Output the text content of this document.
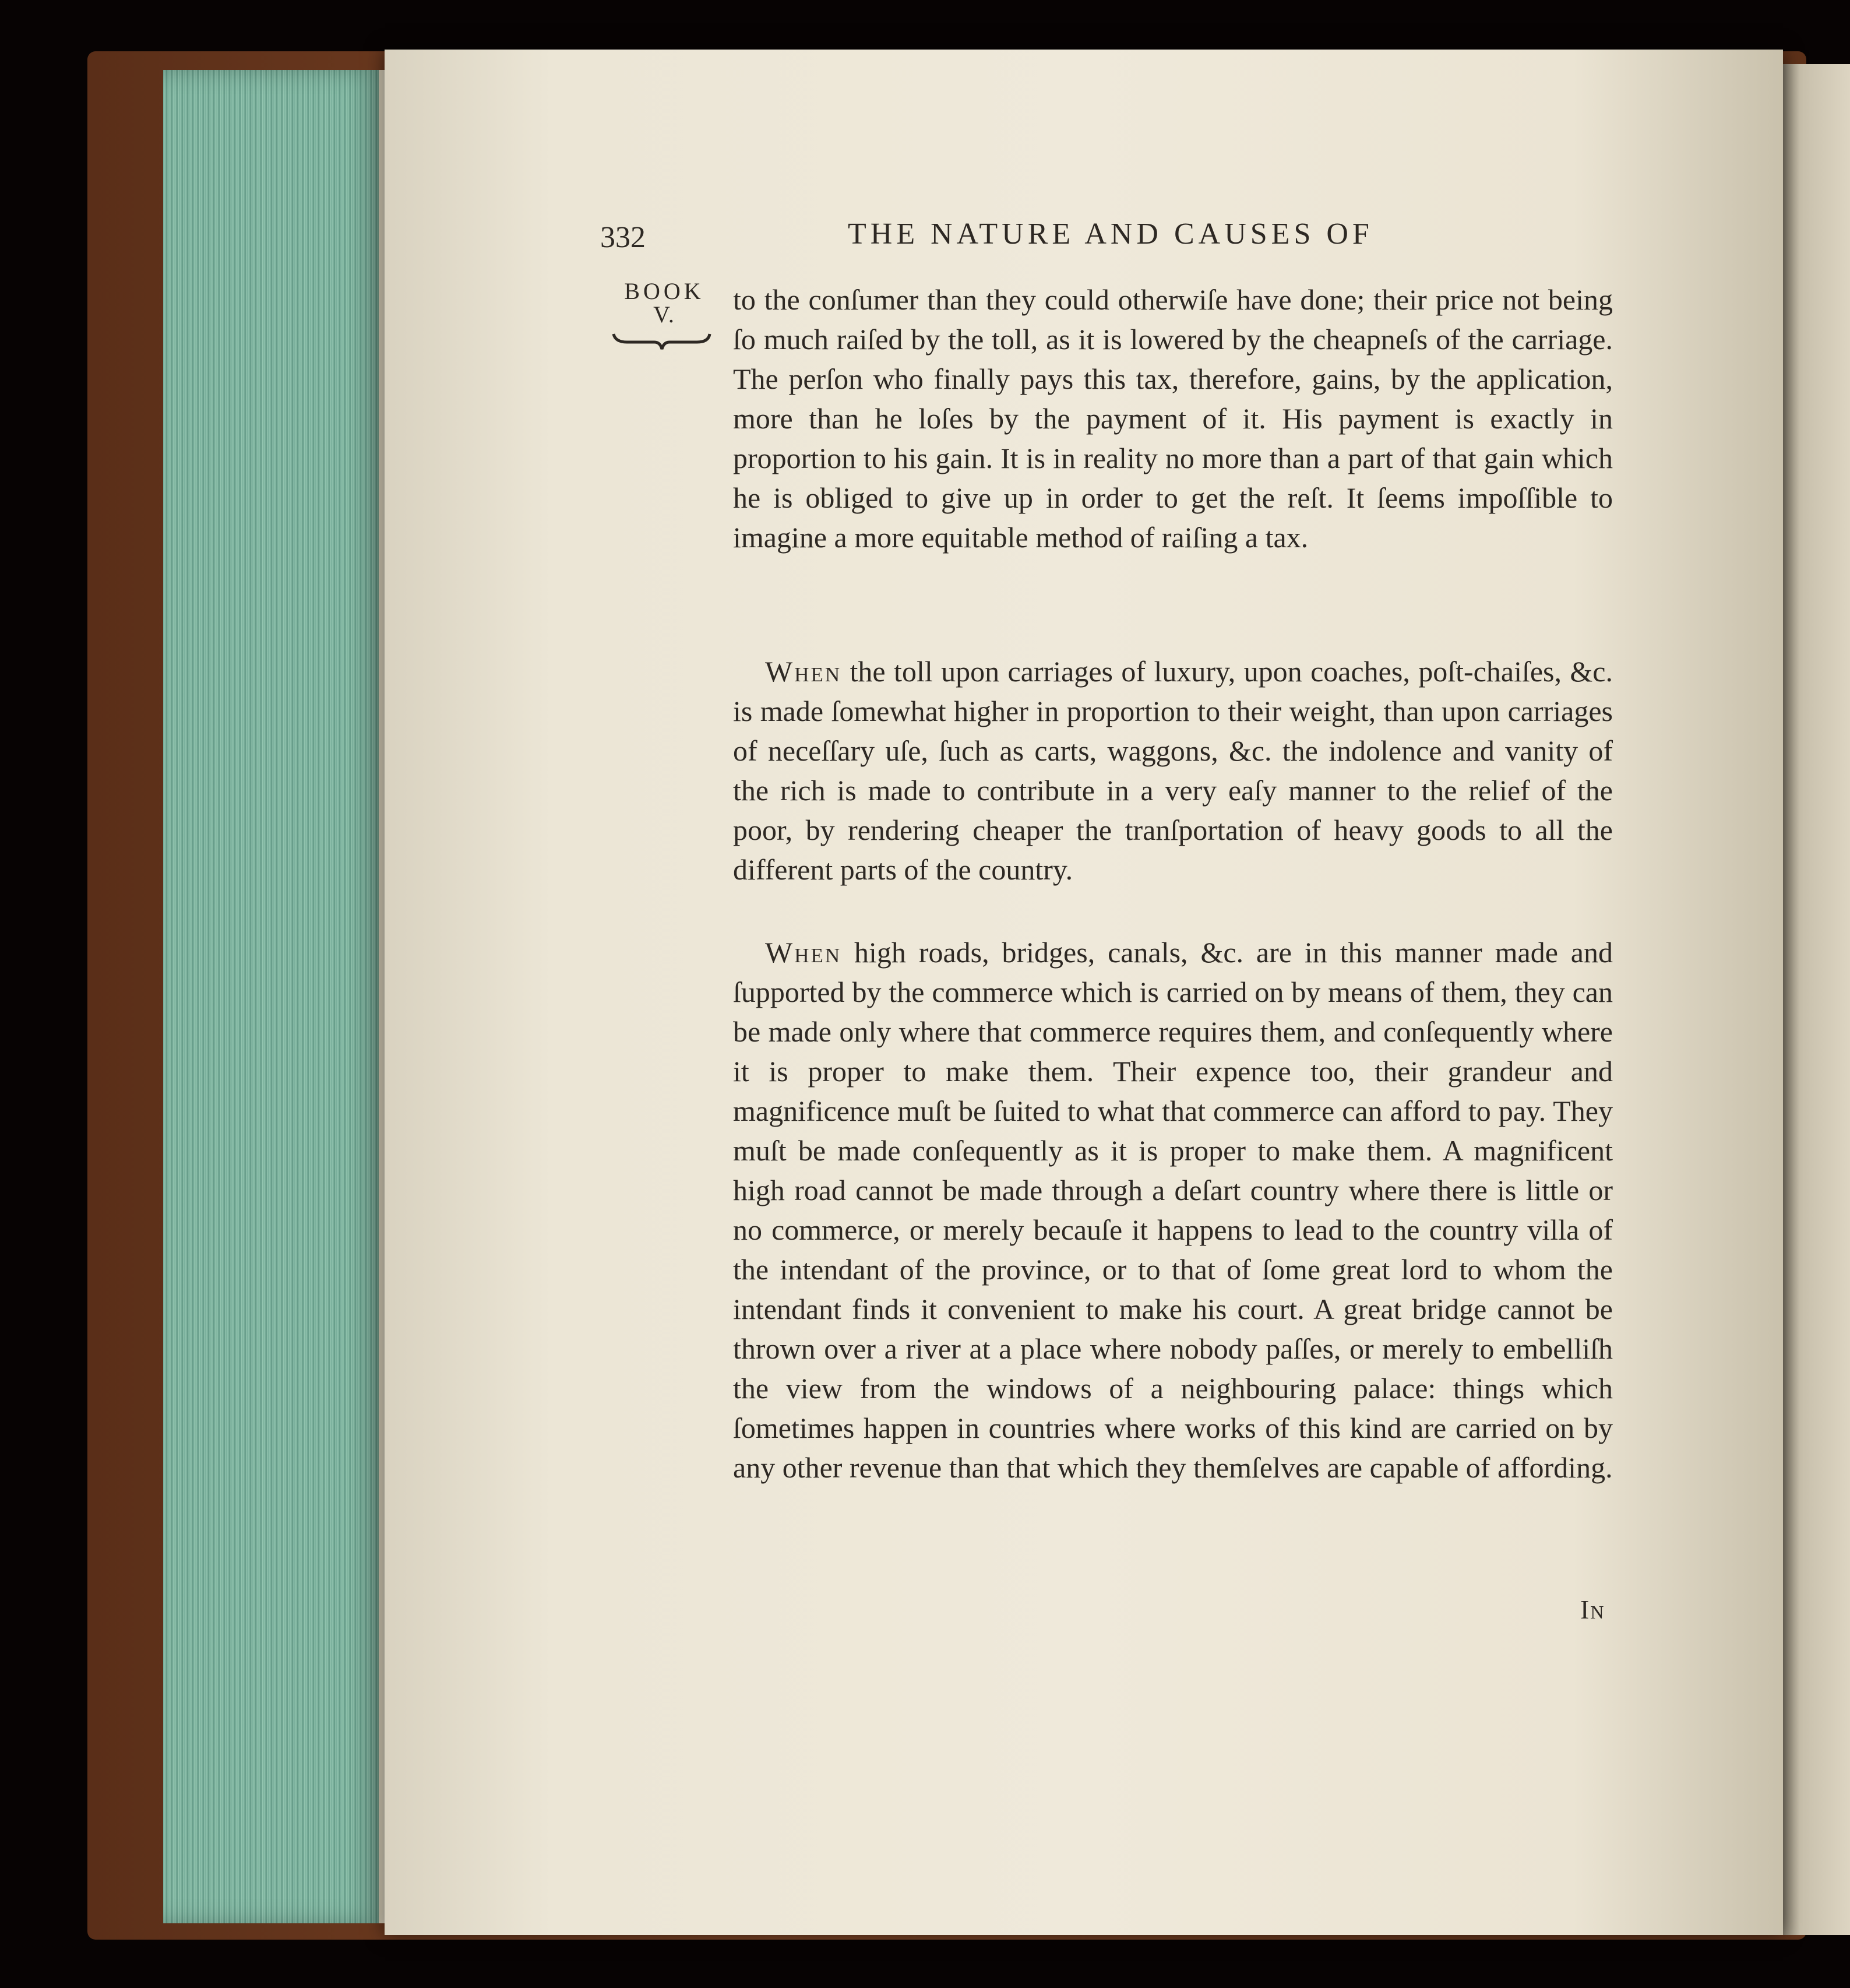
332	THE NATURE AND CAUSES OF
BOOK
V.	to the conſumer than they could otherwiſe have done; their price not being ſo much raiſed by the toll, as it is lowered by the cheapneſs of the carriage. The perſon who finally pays this tax, therefore, gains, by the application, more than he loſes by the payment of it. His payment is exactly in proportion to his gain. It is in reality no more than a part of that gain which he is obliged to give up in order to get the reſt. It ſeems impoſſible to imagine a more equitable method of raiſing a tax.

When the toll upon carriages of luxury, upon coaches, poſt-chaiſes, &c. is made ſomewhat higher in proportion to their weight, than upon carriages of neceſſary uſe, ſuch as carts, waggons, &c. the indolence and vanity of the rich is made to contribute in a very eaſy manner to the relief of the poor, by rendering cheaper the tranſportation of heavy goods to all the different parts of the country.

When high roads, bridges, canals, &c. are in this manner made and ſupported by the commerce which is carried on by means of them, they can be made only where that commerce requires them, and conſequently where it is proper to make them. Their expence too, their grandeur and magnificence muſt be ſuited to what that commerce can afford to pay. They muſt be made conſequently as it is proper to make them. A magnificent high road cannot be made through a deſart country where there is little or no commerce, or merely becauſe it happens to lead to the country villa of the intendant of the province, or to that of ſome great lord to whom the intendant finds it convenient to make his court. A great bridge cannot be thrown over a river at a place where nobody paſſes, or merely to embelliſh the view from the windows of a neighbouring palace: things which ſometimes happen in countries where works of this kind are carried on by any other revenue than that which they themſelves are capable of affording.

In
